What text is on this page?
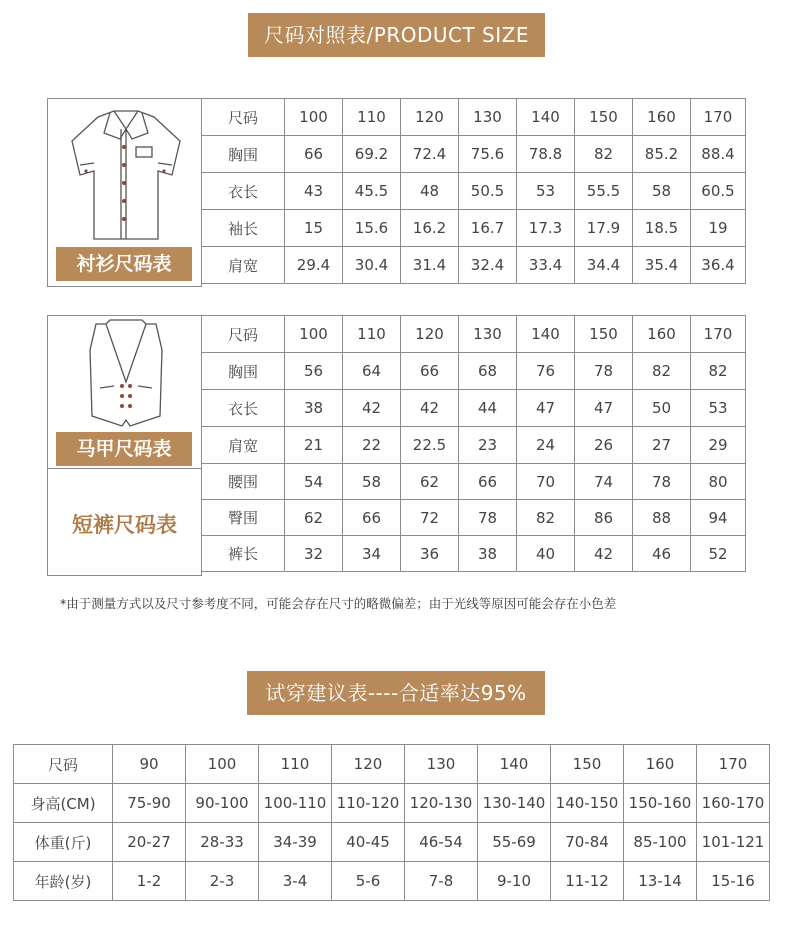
尺码对照表/PRODUCT SIZE
衬衫尺码表
尺码	100	110	120	130	140	150	160	170
胸围	66	69.2	72.4	75.6	78.8	82	85.2	88.4
衣长	43	45.5	48	50.5	53	55.5	58	60.5
袖长	15	15.6	16.2	16.7	17.3	17.9	18.5	19
肩宽	29.4	30.4	31.4	32.4	33.4	34.4	35.4	36.4
马甲尺码表
短裤尺码表
尺码	100	110	120	130	140	150	160	170
胸围	56	64	66	68	76	78	82	82
衣长	38	42	42	44	47	47	50	53
肩宽	21	22	22.5	23	24	26	27	29
腰围	54	58	62	66	70	74	78	80
臀围	62	66	72	78	82	86	88	94
裤长	32	34	36	38	40	42	46	52
*由于测量方式以及尺寸参考度不同，可能会存在尺寸的略微偏差；由于光线等原因可能会存在小色差
试穿建议表----合适率达95%
尺码	90	100	110	120	130	140	150	160	170
身高(CM)	75-90	90-100	100-110	110-120	120-130	130-140	140-150	150-160	160-170
体重(斤)	20-27	28-33	34-39	40-45	46-54	55-69	70-84	85-100	101-121
年龄(岁)	1-2	2-3	3-4	5-6	7-8	9-10	11-12	13-14	15-16
